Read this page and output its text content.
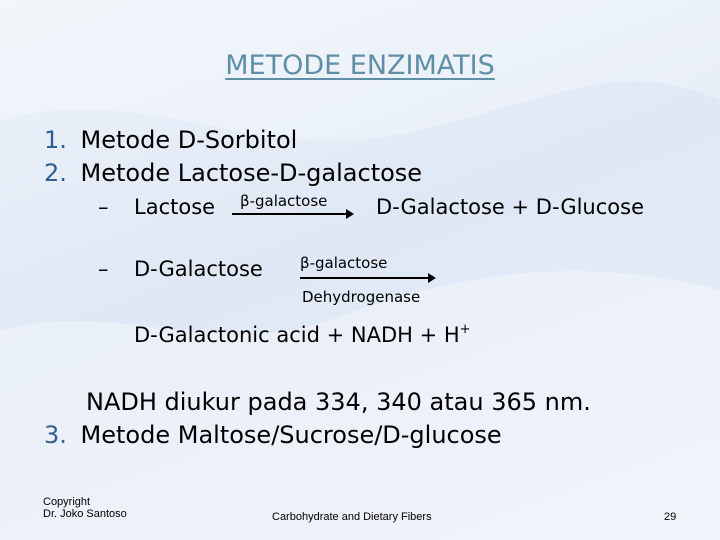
METODE ENZIMATIS
1. Metode D-Sorbitol
2. Metode Lactose-D-galactose
– Lactose β-galactose D-Galactose + D-Glucose
– D-Galactose β-galactose
Dehydrogenase
D-Galactonic acid + NADH + H+
NADH diukur pada 334, 340 atau 365 nm.
3. Metode Maltose/Sucrose/D-glucose
Copyright
Dr. Joko Santoso	Carbohydrate and Dietary Fibers	29
